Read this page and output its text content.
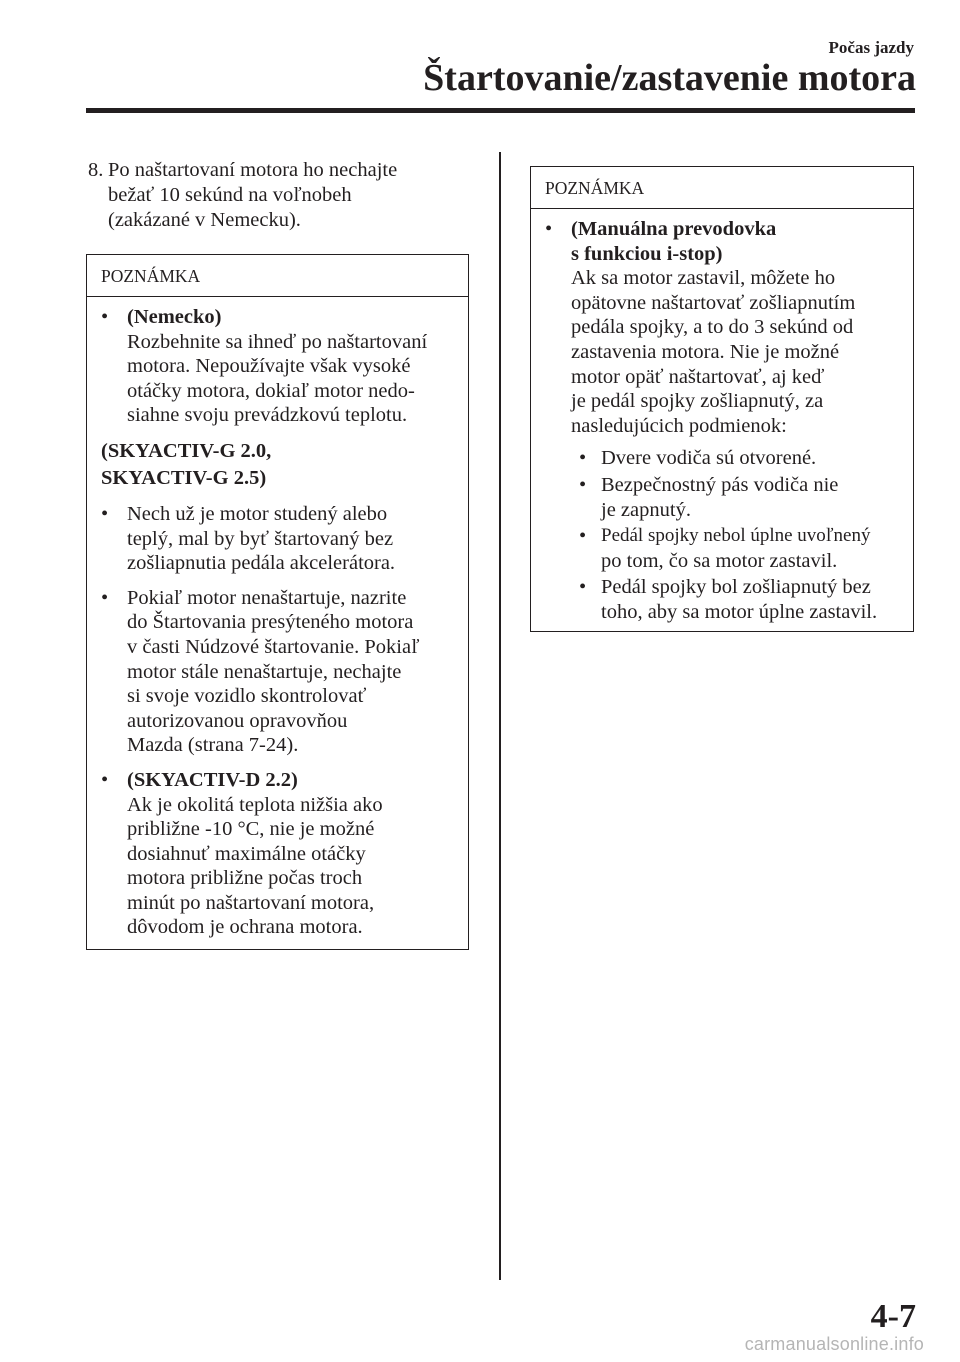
Počas jazdy
Štartovanie/zastavenie motora
8. Po naštartovaní motora ho nechajte
bežať 10 sekúnd na voľnobeh
(zakázané v Nemecku).
POZNÁMKA
• (Nemecko)
Rozbehnite sa ihneď po naštartovaní
motora. Nepoužívajte však vysoké
otáčky motora, dokiaľ motor nedo-
siahne svoju prevádzkovú teplotu.
(SKYACTIV-G 2.0,
SKYACTIV-G 2.5)
• Nech už je motor studený alebo
teplý, mal by byť štartovaný bez
zošliapnutia pedála akcelerátora.
• Pokiaľ motor nenaštartuje, nazrite
do Štartovania presýteného motora
v časti Núdzové štartovanie. Pokiaľ
motor stále nenaštartuje, nechajte
si svoje vozidlo skontrolovať
autorizovanou opravovňou
Mazda (strana 7-24).
• (SKYACTIV-D 2.2)
Ak je okolitá teplota nižšia ako
približne -10 °C, nie je možné
dosiahnuť maximálne otáčky
motora približne počas troch
minút po naštartovaní motora,
dôvodom je ochrana motora.
POZNÁMKA
• (Manuálna prevodovka
s funkciou i-stop)
Ak sa motor zastavil, môžete ho
opätovne naštartovať zošliapnutím
pedála spojky, a to do 3 sekúnd od
zastavenia motora. Nie je možné
motor opäť naštartovať, aj keď
je pedál spojky zošliapnutý, za
nasledujúcich podmienok:
• Dvere vodiča sú otvorené.
• Bezpečnostný pás vodiča nie
je zapnutý.
• Pedál spojky nebol úplne uvoľnený
po tom, čo sa motor zastavil.
• Pedál spojky bol zošliapnutý bez
toho, aby sa motor úplne zastavil.
4-7
carmanualsonline.info
